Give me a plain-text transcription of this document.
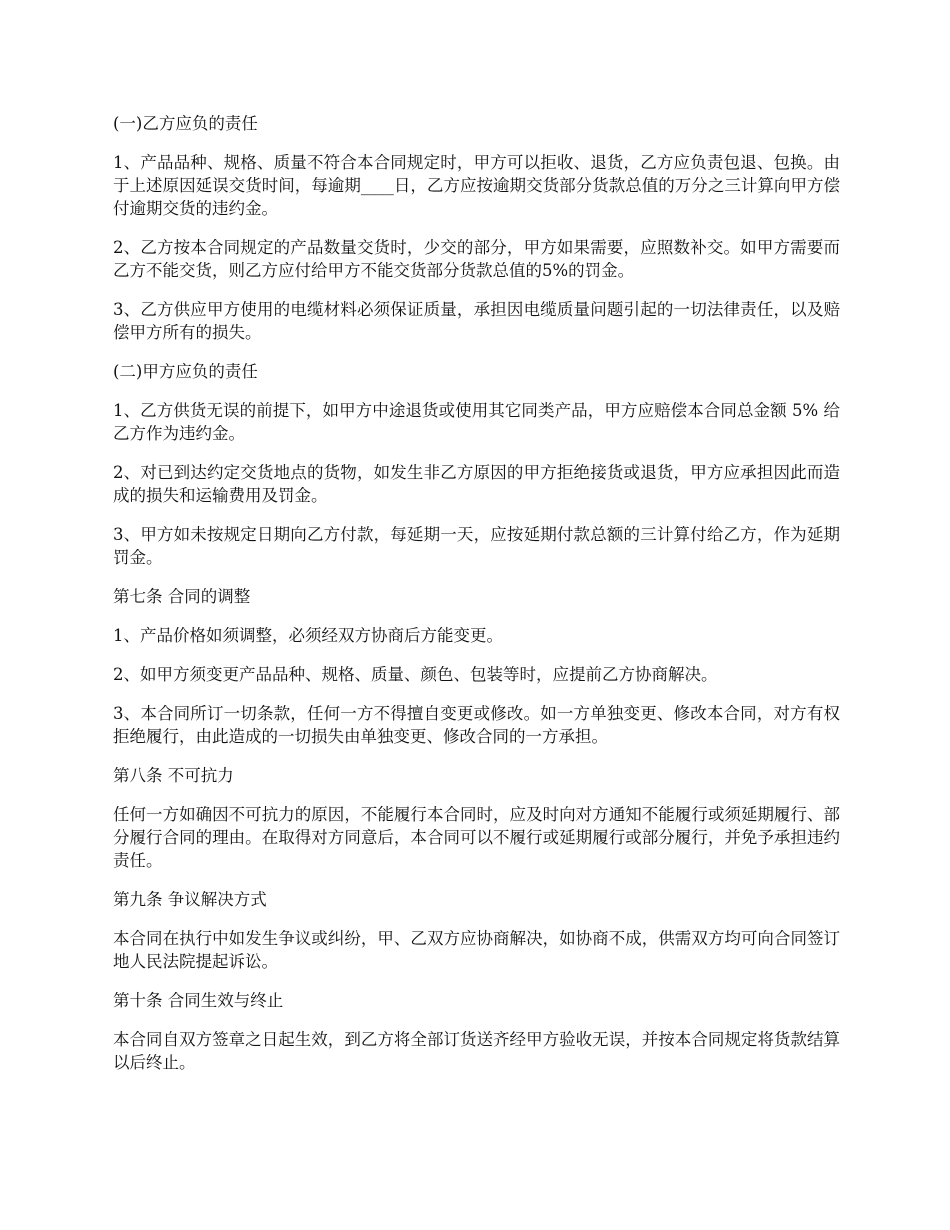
(一)乙方应负的责任

1、产品品种、规格、质量不符合本合同规定时，甲方可以拒收、退货，乙方应负责包退、包换。由于上述原因延误交货时间，每逾期____日，乙方应按逾期交货部分货款总值的万分之三计算向甲方偿付逾期交货的违约金。

2、乙方按本合同规定的产品数量交货时，少交的部分，甲方如果需要，应照数补交。如甲方需要而乙方不能交货，则乙方应付给甲方不能交货部分货款总值的5%的罚金。

3、乙方供应甲方使用的电缆材料必须保证质量，承担因电缆质量问题引起的一切法律责任，以及赔偿甲方所有的损失。

(二)甲方应负的责任

1、乙方供货无误的前提下，如甲方中途退货或使用其它同类产品，甲方应赔偿本合同总金额 5% 给乙方作为违约金。

2、对已到达约定交货地点的货物，如发生非乙方原因的甲方拒绝接货或退货，甲方应承担因此而造成的损失和运输费用及罚金。

3、甲方如未按规定日期向乙方付款，每延期一天，应按延期付款总额的三计算付给乙方，作为延期罚金。

第七条 合同的调整

1、产品价格如须调整，必须经双方协商后方能变更。

2、如甲方须变更产品品种、规格、质量、颜色、包装等时，应提前乙方协商解决。

3、本合同所订一切条款，任何一方不得擅自变更或修改。如一方单独变更、修改本合同，对方有权拒绝履行，由此造成的一切损失由单独变更、修改合同的一方承担。

第八条 不可抗力

任何一方如确因不可抗力的原因，不能履行本合同时，应及时向对方通知不能履行或须延期履行、部分履行合同的理由。在取得对方同意后，本合同可以不履行或延期履行或部分履行，并免予承担违约责任。

第九条 争议解决方式

本合同在执行中如发生争议或纠纷，甲、乙双方应协商解决，如协商不成，供需双方均可向合同签订地人民法院提起诉讼。

第十条 合同生效与终止

本合同自双方签章之日起生效，到乙方将全部订货送齐经甲方验收无误，并按本合同规定将货款结算以后终止。
